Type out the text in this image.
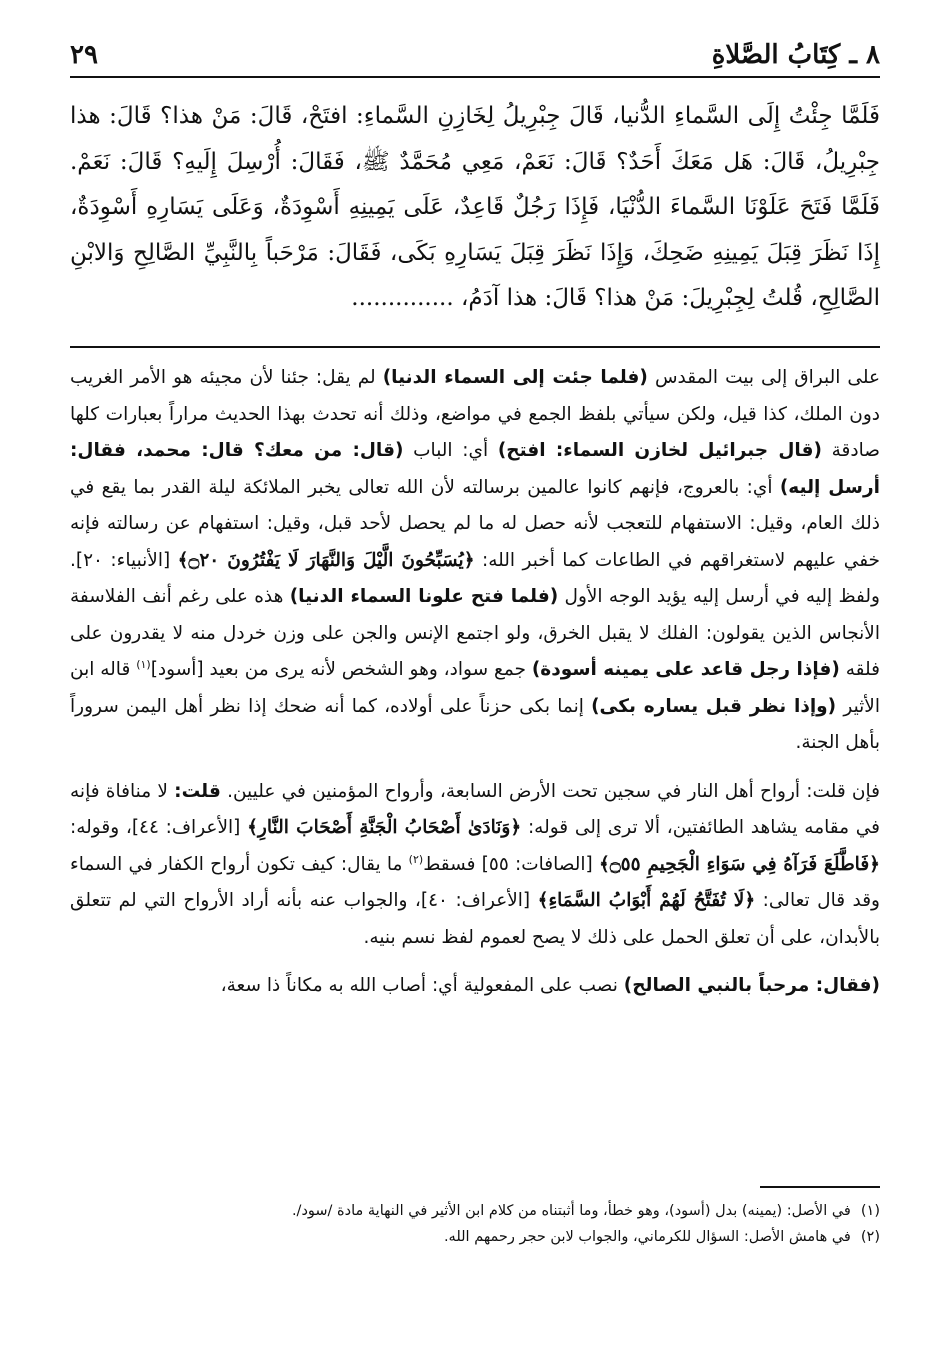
٨ ـ كِتَابُ الصَّلاةِ
٢٩

فَلَمَّا جِئْتُ إِلَى السَّماءِ الدُّنيا، قَالَ جِبْرِيلُ لِخَازِنِ السَّماءِ: افتَحْ، قَالَ: مَنْ هذا؟ قَالَ: هذا جِبْرِيلُ، قَالَ: هَل مَعَكَ أَحَدٌ؟ قَالَ: نَعَمْ، مَعِي مُحَمَّدٌ ﷺ، فَقَالَ: أُرْسِلَ إِلَيهِ؟ قَالَ: نَعَمْ. فَلَمَّا فَتَحَ عَلَوْنَا السَّماءَ الدُّنْيَا، فَإِذَا رَجُلٌ قَاعِدٌ، عَلَى يَمِينِهِ أَسْوِدَةٌ، وَعَلَى يَسَارِهِ أَسْوِدَةٌ، إِذَا نَظَرَ قِبَلَ يَمِينِهِ ضَحِكَ، وَإِذَا نَظَرَ قِبَلَ يَسَارِهِ بَكَى، فَقَالَ: مَرْحَباً بِالنَّبِيِّ الصَّالِحِ وَالابْنِ الصَّالِحِ، قُلتُ لِجِبْرِيلَ: مَنْ هذا؟ قَالَ: هذا آدَمُ، ..............

على البراق إلى بيت المقدس (فلما جئت إلى السماء الدنيا) لم يقل: جئنا لأن مجيئه هو الأمر الغريب دون الملك، كذا قيل، ولكن سيأتي بلفظ الجمع في مواضع، وذلك أنه تحدث بهذا الحديث مراراً بعبارات كلها صادقة (قال جبرائيل لخازن السماء: افتح) أي: الباب (قال: من معك؟ قال: محمد، فقال: أرسل إليه) أي: بالعروج، فإنهم كانوا عالمين برسالته لأن الله تعالى يخبر الملائكة ليلة القدر بما يقع في ذلك العام، وقيل: الاستفهام للتعجب لأنه حصل له ما لم يحصل لأحد قبل، وقيل: استفهام عن رسالته فإنه خفي عليهم لاستغراقهم في الطاعات كما أخبر الله: ﴿يُسَبِّحُونَ الَّيْلَ وَالنَّهَارَ لَا يَفْتُرُونَ ۝٢٠﴾ [الأنبياء: ٢٠]. ولفظ إليه في أرسل إليه يؤيد الوجه الأول (فلما فتح علونا السماء الدنيا) هذه على رغم أنف الفلاسفة الأنجاس الذين يقولون: الفلك لا يقبل الخرق، ولو اجتمع الإنس والجن على وزن خردل منه لا يقدرون على فلقه (فإذا رجل قاعد على يمينه أسودة) جمع سواد، وهو الشخص لأنه يرى من بعيد [أسود]$^{(١)}$ قاله ابن الأثير (وإذا نظر قبل يساره بكى) إنما بكى حزناً على أولاده، كما أنه ضحك إذا نظر أهل اليمن سروراً بأهل الجنة.

فإن قلت: أرواح أهل النار في سجين تحت الأرض السابعة، وأرواح المؤمنين في عليين. قلت: لا منافاة فإنه في مقامه يشاهد الطائفتين، ألا ترى إلى قوله: ﴿وَنَادَىٰ أَصْحَابُ الْجَنَّةِ أَصْحَابَ النَّارِ﴾ [الأعراف: ٤٤]، وقوله: ﴿فَاطَّلَعَ فَرَآهُ فِي سَوَاءِ الْجَحِيمِ ۝٥٥﴾ [الصافات: ٥٥] فسقط$^{(٢)}$ ما يقال: كيف تكون أرواح الكفار في السماء وقد قال تعالى: ﴿لَا تُفَتَّحُ لَهُمْ أَبْوَابُ السَّمَاءِ﴾ [الأعراف: ٤٠]، والجواب عنه بأنه أراد الأرواح التي لم تتعلق بالأبدان، على أن تعلق الحمل على ذلك لا يصح لعموم لفظ نسم بنيه.

(فقال: مرحباً بالنبي الصالح) نصب على المفعولية أي: أصاب الله به مكاناً ذا سعة،

(١)
في الأصل: (يمينه) بدل (أسود)، وهو خطأ، وما أثبتناه من كلام ابن الأثير في النهاية مادة /سود/.
(٢)
في هامش الأصل: السؤال للكرماني، والجواب لابن حجر رحمهم الله.
